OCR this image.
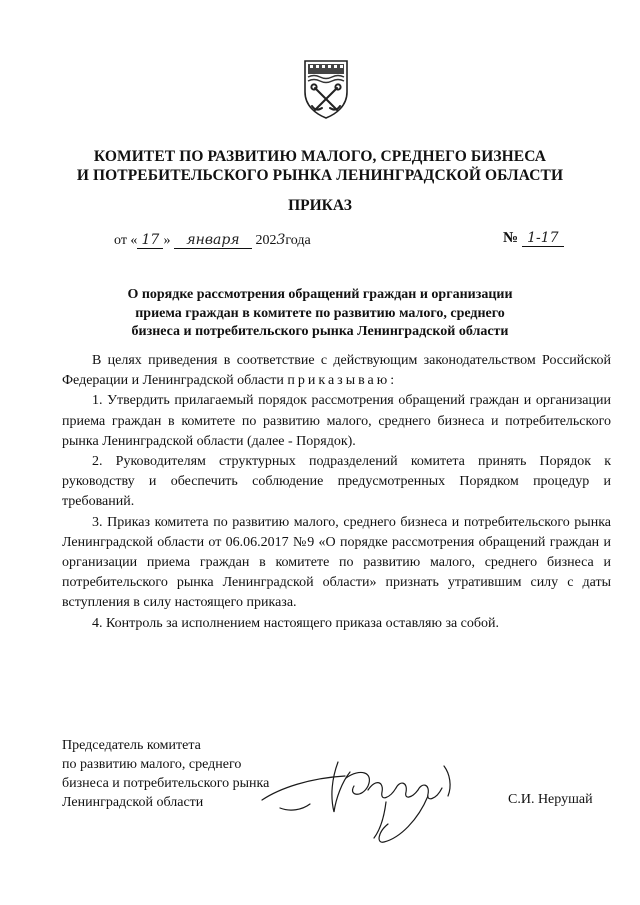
КОМИТЕТ ПО РАЗВИТИЮ МАЛОГО, СРЕДНЕГО БИЗНЕСА
И ПОТРЕБИТЕЛЬСКОГО РЫНКА ЛЕНИНГРАДСКОЙ ОБЛАСТИ
ПРИКАЗ
от « 17 » января 2023года	№ 1-17
О порядке рассмотрения обращений граждан и организации
приема граждан в комитете по развитию малого, среднего
бизнеса и потребительского рынка Ленинградской области

В целях приведения в соответствие с действующим законодательством Российской Федерации и Ленинградской области приказываю:

1. Утвердить прилагаемый порядок рассмотрения обращений граждан и организации приема граждан в комитете по развитию малого, среднего бизнеса и потребительского рынка Ленинградской области (далее - Порядок).

2. Руководителям структурных подразделений комитета принять Порядок к руководству и обеспечить соблюдение предусмотренных Порядком процедур и требований.

3. Приказ комитета по развитию малого, среднего бизнеса и потребительского рынка Ленинградской области от 06.06.2017 №9 «О порядке рассмотрения обращений граждан и организации приема граждан в комитете по развитию малого, среднего бизнеса и потребительского рынка Ленинградской области» признать утратившим силу с даты вступления в силу настоящего приказа.

4. Контроль за исполнением настоящего приказа оставляю за собой.

Председатель комитета
по развитию малого, среднего
бизнеса и потребительского рынка
Ленинградской области	С.И. Нерушай
